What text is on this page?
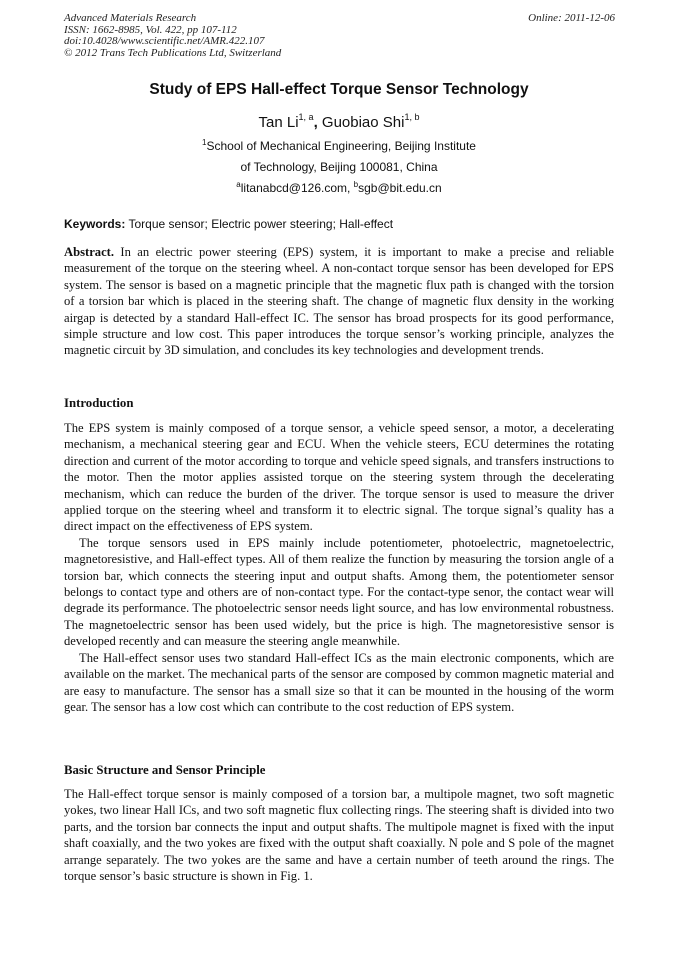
Advanced Materials Research
ISSN: 1662-8985, Vol. 422, pp 107-112
doi:10.4028/www.scientific.net/AMR.422.107
© 2012 Trans Tech Publications Ltd, Switzerland
Online: 2011-12-06
Study of EPS Hall-effect Torque Sensor Technology
Tan Li$^{1, a}$, Guobiao Shi$^{1, b}$
$^1$School of Mechanical Engineering, Beijing Institute
of Technology, Beijing 100081, China
$^a$litanabcd@126.com, $^b$sgb@bit.edu.cn
Keywords: Torque sensor; Electric power steering; Hall-effect

Abstract. In an electric power steering (EPS) system, it is important to make a precise and reliable measurement of the torque on the steering wheel. A non-contact torque sensor has been developed for EPS system. The sensor is based on a magnetic principle that the magnetic flux path is changed with the torsion of a torsion bar which is placed in the steering shaft. The change of magnetic flux density in the working airgap is detected by a standard Hall-effect IC. The sensor has broad prospects for its good performance, simple structure and low cost. This paper introduces the torque sensor’s working principle, analyzes the magnetic circuit by 3D simulation, and concludes its key technologies and development trends.

Introduction

The EPS system is mainly composed of a torque sensor, a vehicle speed sensor, a motor, a decelerating mechanism, a mechanical steering gear and ECU. When the vehicle steers, ECU determines the rotating direction and current of the motor according to torque and vehicle speed signals, and transfers instructions to the motor. Then the motor applies assisted torque on the steering system through the decelerating mechanism, which can reduce the burden of the driver. The torque sensor is used to measure the driver applied torque on the steering wheel and transform it to electric signal. The torque signal’s quality has a direct impact on the effectiveness of EPS system.

The torque sensors used in EPS mainly include potentiometer, photoelectric, magnetoelectric, magnetoresistive, and Hall-effect types. All of them realize the function by measuring the torsion angle of a torsion bar, which connects the steering input and output shafts. Among them, the potentiometer sensor belongs to contact type and others are of non-contact type. For the contact-type senor, the contact wear will degrade its performance. The photoelectric sensor needs light source, and has low environmental robustness. The magnetoelectric sensor has been used widely, but the price is high. The magnetoresistive sensor is developed recently and can measure the steering angle meanwhile.

The Hall-effect sensor uses two standard Hall-effect ICs as the main electronic components, which are available on the market. The mechanical parts of the sensor are composed by common magnetic material and are easy to manufacture. The sensor has a small size so that it can be mounted in the housing of the worm gear. The sensor has a low cost which can contribute to the cost reduction of EPS system.

Basic Structure and Sensor Principle

The Hall-effect torque sensor is mainly composed of a torsion bar, a multipole magnet, two soft magnetic yokes, two linear Hall ICs, and two soft magnetic flux collecting rings. The steering shaft is divided into two parts, and the torsion bar connects the input and output shafts. The multipole magnet is fixed with the input shaft coaxially, and the two yokes are fixed with the output shaft coaxially. N pole and S pole of the magnet arrange separately. The two yokes are the same and have a certain number of teeth around the rings. The torque sensor’s basic structure is shown in Fig. 1.
